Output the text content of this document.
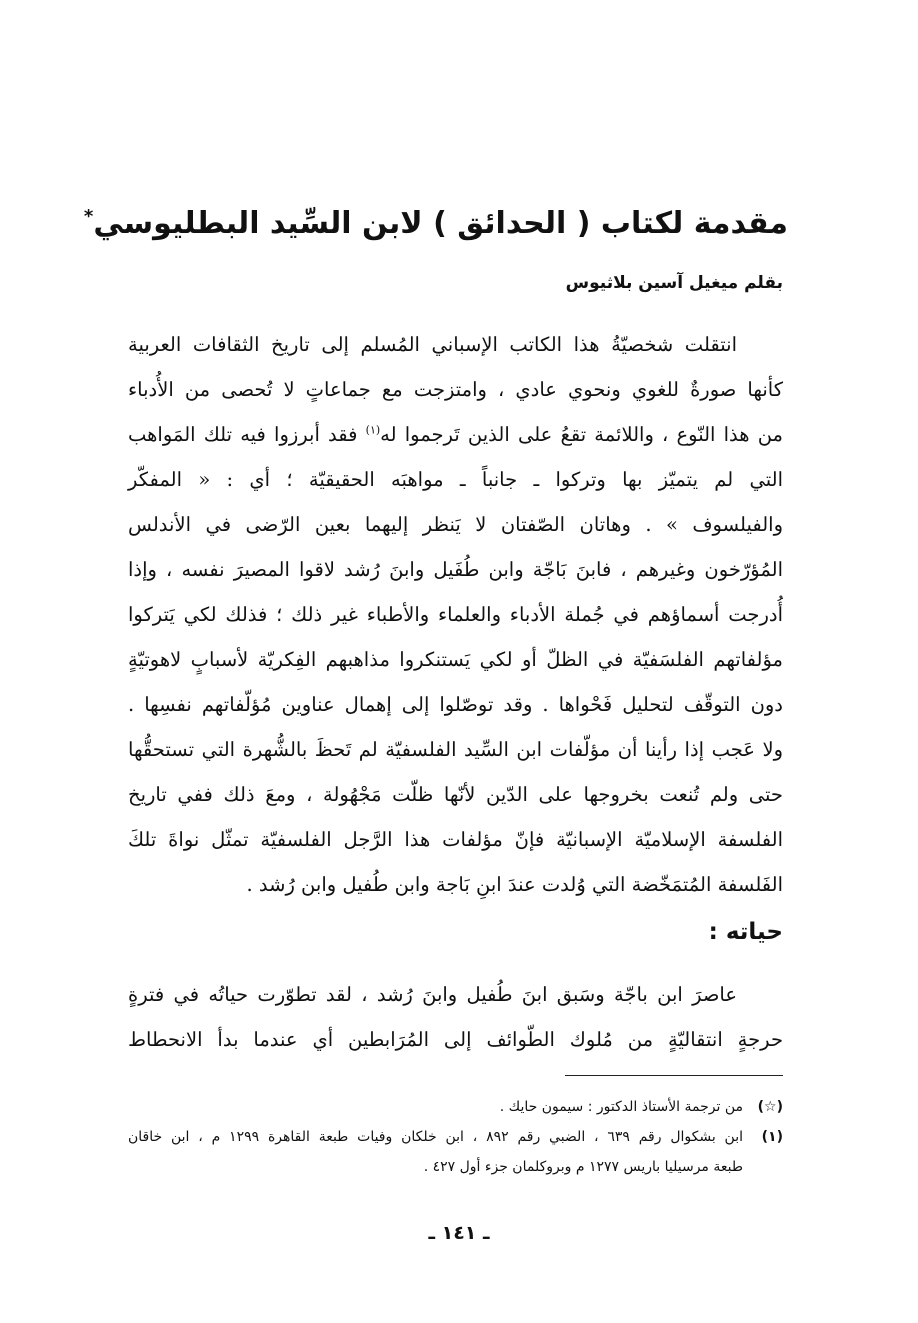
مقدمة لكتاب ( الحدائق ) لابن السِّيد البطليوسي*
بقلم ميغيل آسين بلاثيوس
انتقلت شخصيّةُ هذا الكاتب الإسباني المُسلم إلى تاريخ الثقافات العربية
كأنها صورةٌ للغوي ونحوي عادي ، وامتزجت مع جماعاتٍ لا تُحصى من الأُدباء
من هذا النّوع ، واللائمة تقعُ على الذين تَرجموا له$^{(١)}$ فقد أبرزوا فيه تلك المَواهب
التي لم يتميّز بها وتركوا ـ جانباً ـ مواهبَه الحقيقيّة ؛ أي : « المفكّر
والفيلسوف » . وهاتان الصّفتان لا يَنظر إليهما بعين الرّضى في الأندلس
المُؤرّخون وغيرهم ، فابنَ بَاجّة وابن طُفَيل وابنَ رُشد لاقوا المصيرَ نفسه ، وإذا
أُدرجت أسماؤهم في جُملة الأدباء والعلماء والأطباء غير ذلك ؛ فذلك لكي يَتركوا
مؤلفاتهم الفلسَفيّة في الظلّ أو لكي يَستنكروا مذاهبهم الفِكريّة لأسبابٍ لاهوتيّةٍ
دون التوقّف لتحليل فَحْواها . وقد توصّلوا إلى إهمال عناوين مُؤلّفاتهم نفسِها .
ولا عَجب إذا رأينا أن مؤلّفات ابن السِّيد الفلسفيّة لم تَحظَ بالشُّهرة التي تستحقُّها
حتى ولم تُنعت بخروجها على الدّين لأنّها ظلّت مَجْهُولة ، ومعَ ذلك ففي تاريخ
الفلسفة الإسلاميّة الإسبانيّة فإنّ مؤلفات هذا الرَّجل الفلسفيّة تمثّل نواةَ تلكَ
الفَلسفة المُتمَخّضة التي وُلدت عندَ ابنِ بَاجة وابن طُفيل وابن رُشد .
حياته :
عاصرَ ابن باجّة وسَبق ابنَ طُفيل وابنَ رُشد ، لقد تطوّرت حياتُه في فترةٍ
حرجةٍ انتقاليّةٍ من مُلوك الطّوائف إلى المُرَابطين أي عندما بدأ الانحطاط
(☆)
من ترجمة الأستاذ الدكتور : سيمون حايك .
(١)
ابن بشكوال رقم ٦٣٩ ، الضبي رقم ٨٩٢ ، ابن خلكان وفيات طبعة القاهرة ١٢٩٩ م ، ابن خاقان
طبعة مرسيليا باريس ١٢٧٧ م وبروكلمان جزء أول ٤٢٧ .
ـ ١٤١ ـ
